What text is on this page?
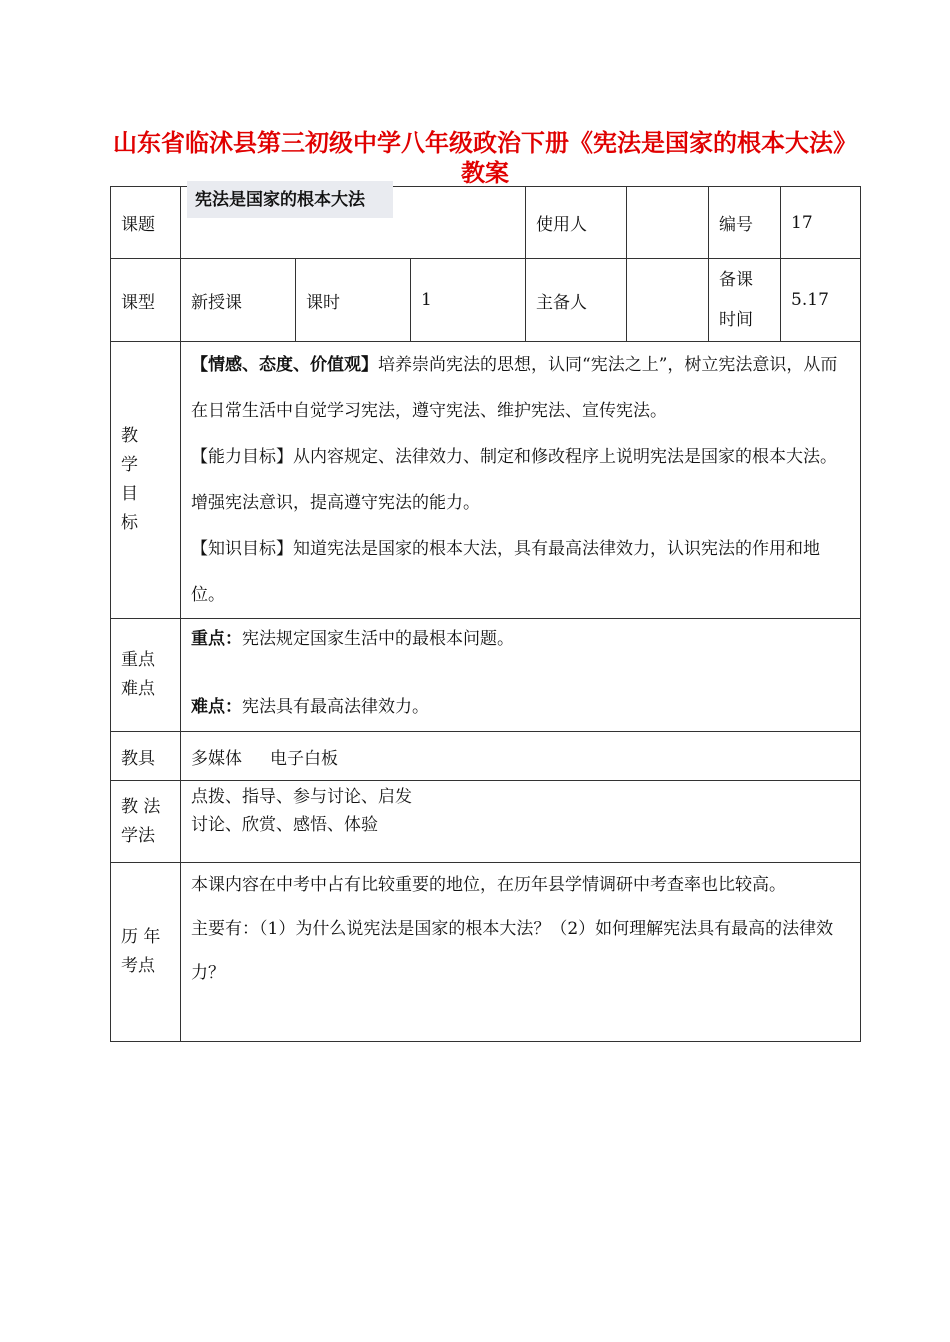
山东省临沭县第三初级中学八年级政治下册《宪法是国家的根本大法》教案
课题	宪法是国家的根本大法			使用人		编号	17
课型	新授课	课时	1	主备人		备课时间	5.17

教学目标	【情感、态度、价值观】培养崇尚宪法的思想，认同“宪法之上”，树立宪法意识，从而在日常生活中自觉学习宪法，遵守宪法、维护宪法、宣传宪法。

【能力目标】从内容规定、法律效力、制定和修改程序上说明宪法是国家的根本大法。增强宪法意识，提高遵守宪法的能力。

【知识目标】知道宪法是国家的根本大法，具有最高法律效力，认识宪法的作用和地位。						

重点难点	重点：宪法规定国家生活中的最根本问题。

难点：宪法具有最高法律效力。						

教具	多媒体 电子白板						

教 法学法	点拨、指导、参与讨论、启发

讨论、欣赏、感悟、体验						

历 年考点	本课内容在中考中占有比较重要的地位，在历年县学情调研中考查率也比较高。

主要有：（1）为什么说宪法是国家的根本大法？（2）如何理解宪法具有最高的法律效力？						
